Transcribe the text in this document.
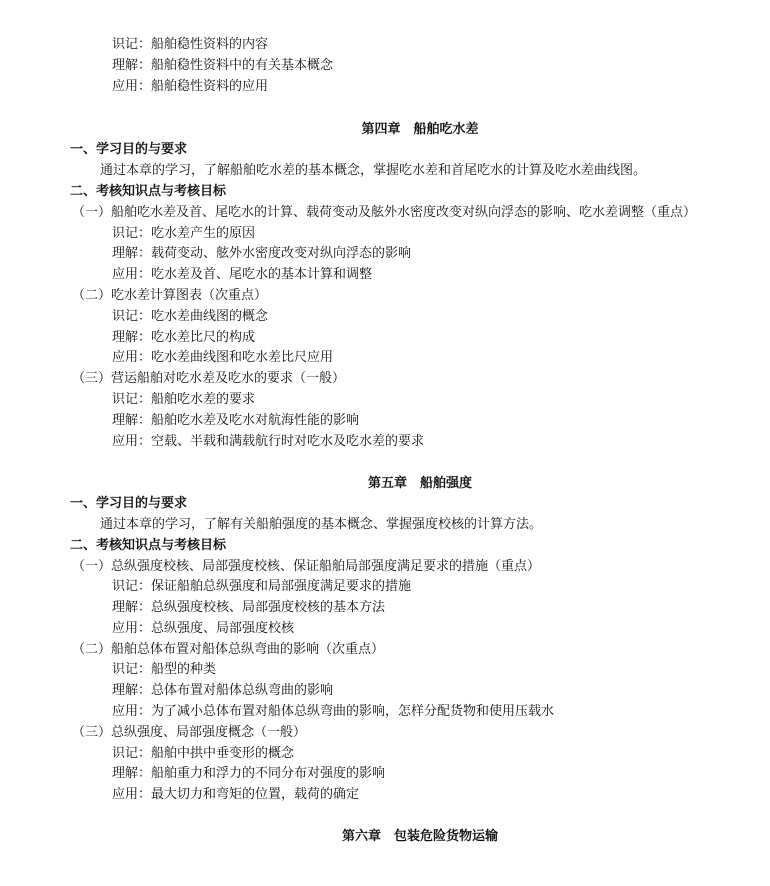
识记：船舶稳性资料的内容
理解：船舶稳性资料中的有关基本概念
应用：船舶稳性资料的应用
第四章　船舶吃水差
一、学习目的与要求
通过本章的学习，了解船舶吃水差的基本概念，掌握吃水差和首尾吃水的计算及吃水差曲线图。
二、考核知识点与考核目标
（一）船舶吃水差及首、尾吃水的计算、载荷变动及舷外水密度改变对纵向浮态的影响、吃水差调整（重点）
识记：吃水差产生的原因
理解：载荷变动、舷外水密度改变对纵向浮态的影响
应用：吃水差及首、尾吃水的基本计算和调整
（二）吃水差计算图表（次重点）
识记：吃水差曲线图的概念
理解：吃水差比尺的构成
应用：吃水差曲线图和吃水差比尺应用
（三）营运船舶对吃水差及吃水的要求（一般）
识记：船舶吃水差的要求
理解：船舶吃水差及吃水对航海性能的影响
应用：空载、半载和满载航行时对吃水及吃水差的要求
第五章　船舶强度
一、学习目的与要求
通过本章的学习，了解有关船舶强度的基本概念、掌握强度校核的计算方法。
二、考核知识点与考核目标
（一）总纵强度校核、局部强度校核、保证船舶局部强度满足要求的措施（重点）
识记：保证船舶总纵强度和局部强度满足要求的措施
理解：总纵强度校核、局部强度校核的基本方法
应用：总纵强度、局部强度校核
（二）船舶总体布置对船体总纵弯曲的影响（次重点）
识记：船型的种类
理解：总体布置对船体总纵弯曲的影响
应用：为了减小总体布置对船体总纵弯曲的影响，怎样分配货物和使用压载水
（三）总纵强度、局部强度概念（一般）
识记：船舶中拱中垂变形的概念
理解：船舶重力和浮力的不同分布对强度的影响
应用：最大切力和弯矩的位置，载荷的确定
第六章　包装危险货物运输
